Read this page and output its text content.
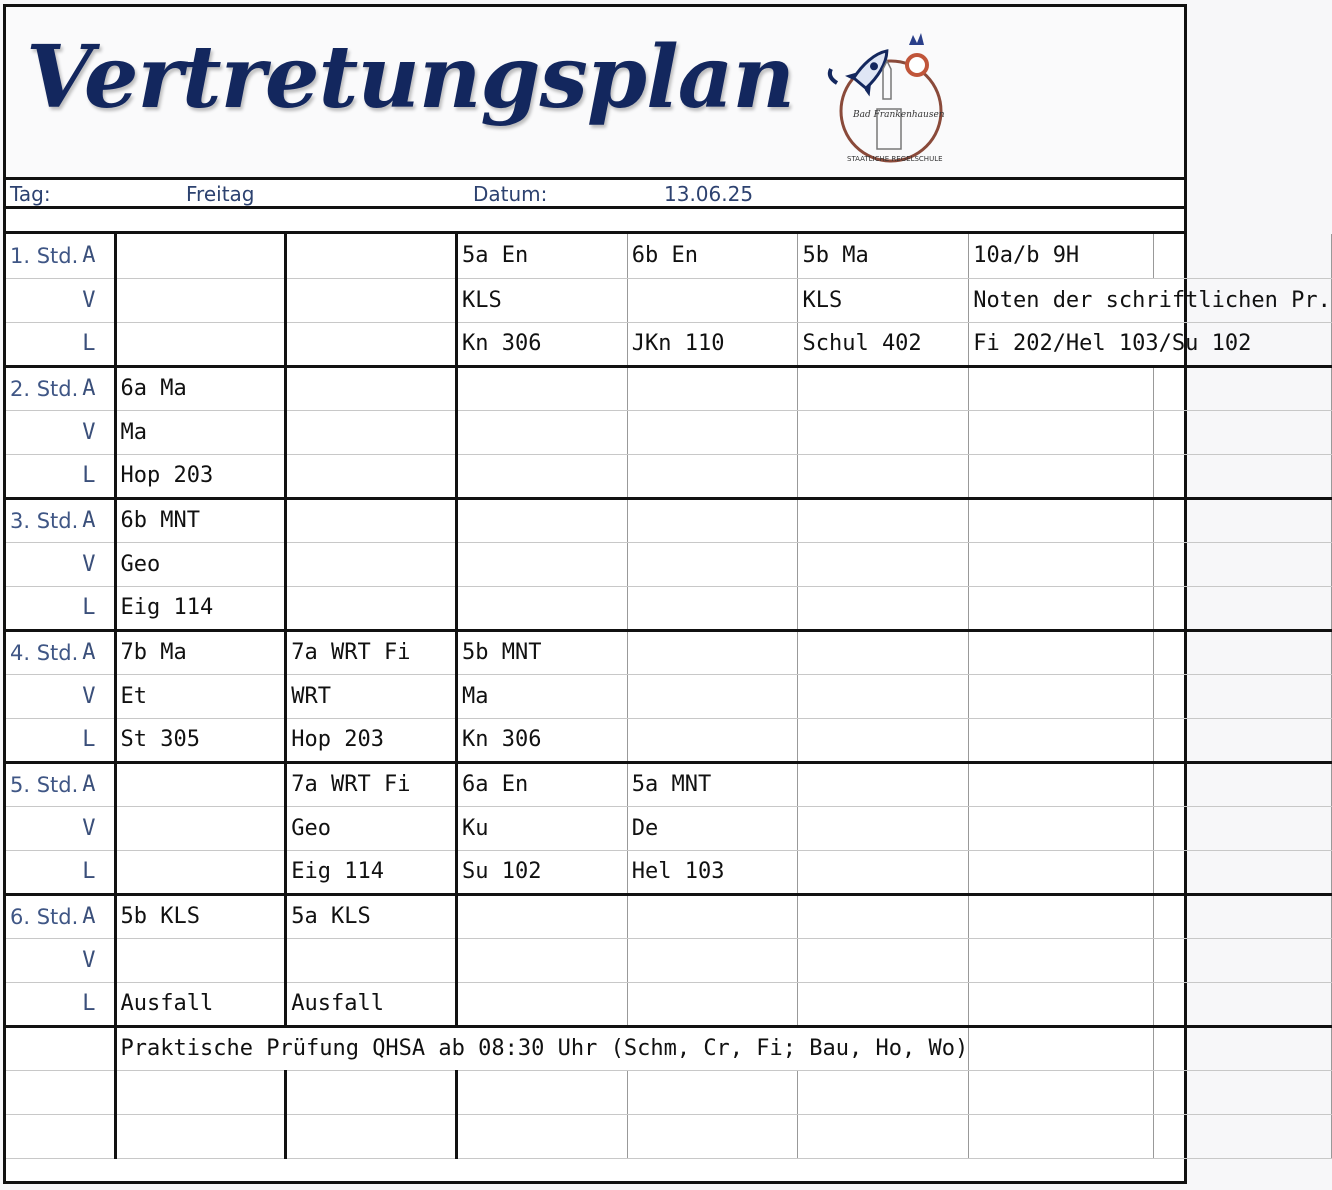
Vertretungsplan	Bad Frankenhausen
STAATLICHE REGELSCHULE
Tag:	Freitag	Datum:	13.06.25
1. Std.	A			5a En	6b En	5b Ma	10a/b 9H	
	V			KLS		KLS	Noten der schriftlichen Pr.	
	L			Kn 306	JKn 110	Schul 402	Fi 202/Hel 103/Su 102	
2. Std.	A	6a Ma						
	V	Ma						
	L	Hop 203						
3. Std.	A	6b MNT						
	V	Geo						
	L	Eig 114						
4. Std.	A	7b Ma	7a WRT Fi	5b MNT				
	V	Et	WRT	Ma				
	L	St 305	Hop 203	Kn 306				
5. Std.	A		7a WRT Fi	6a En	5a MNT			
	V		Geo	Ku	De			
	L		Eig 114	Su 102	Hel 103			
6. Std.	A	5b KLS	5a KLS					
	V							
	L	Ausfall	Ausfall					
		Praktische Prüfung QHSA ab 08:30 Uhr (Schm, Cr, Fi; Bau, Ho, Wo)						
